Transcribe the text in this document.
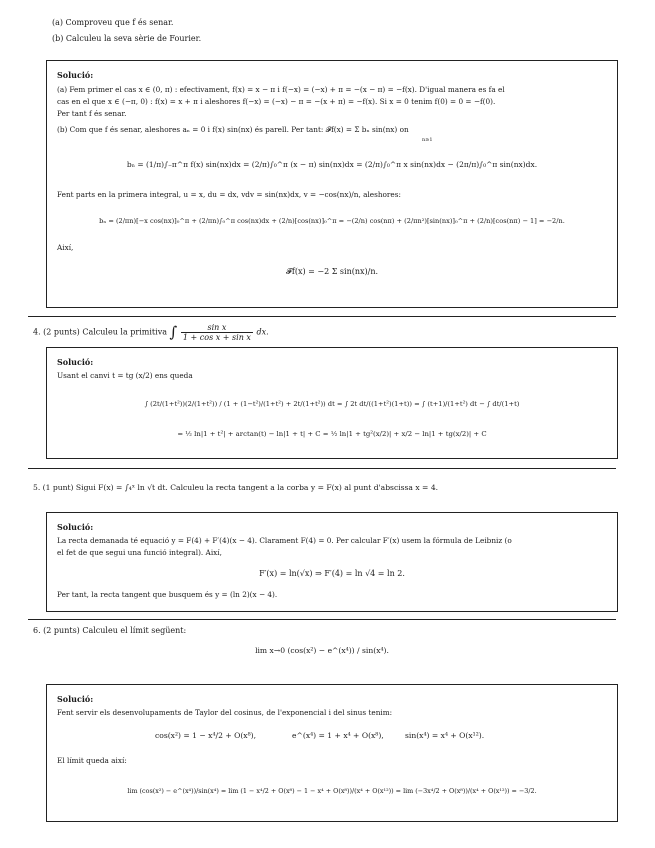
(a) Comproveu que f és senar.
(b) Calculeu la seva sèrie de Fourier.
Solució:
(a) Fem primer el cas x ∈ (0, π) : efectivament, f(x) = x − π i f(−x) = (−x) + π = −(x − π) = −f(x). D'igual manera es fa el
cas en el que x ∈ (−π, 0) : f(x) = x + π i aleshores f(−x) = (−x) − π = −(x + π) = −f(x). Si x = 0 tenim f(0) = 0 = −f(0).
Per tant f és senar.
(b) Com que f és senar, aleshores aₙ = 0 i f(x) sin(nx) és parell. Per tant: 𝓕f(x) = Σ bₙ sin(nx) on
n≥1
bₙ = (1/π)∫₋π^π f(x) sin(nx)dx = (2/π)∫₀^π (x − π) sin(nx)dx = (2/π)∫₀^π x sin(nx)dx − (2π/π)∫₀^π sin(nx)dx.
Fent parts en la primera integral, u = x, du = dx, vdv = sin(nx)dx, v = −cos(nx)/n, aleshores:
bₙ = (2/πn)[−x cos(nx)]₀^π + (2/πn)∫₀^π cos(nx)dx + (2/n)[cos(nx)]₀^π = −(2/n) cos(nπ) + (2/πn²)[sin(nx)]₀^π + (2/n)[cos(nπ) − 1] = −2/n.
Així,
𝓕f(x) = −2 Σ sin(nx)/n.
4. (2 punts) Calculeu la primitiva ∫ $\frac{\text{sin x}}{\text{1 + cos x + sin x}}$ dx.
Solució:
Usant el canvi t = tg (x/2) ens queda
∫ (2t/(1+t²))(2/(1+t²)) / (1 + (1−t²)/(1+t²) + 2t/(1+t²)) dt = ∫ 2t dt/((1+t²)(1+t)) = ∫ (t+1)/(1+t²) dt − ∫ dt/(1+t)
= ½ ln|1 + t²| + arctan(t) − ln|1 + t| + C = ½ ln|1 + tg²(x/2)| + x/2 − ln|1 + tg(x/2)| + C
5. (1 punt) Sigui F(x) = ∫₄ˣ ln √t dt. Calculeu la recta tangent a la corba y = F(x) al punt d'abscissa x = 4.
Solució:
La recta demanada té equació y = F(4) + F′(4)(x − 4). Clarament F(4) = 0. Per calcular F′(x) usem la fórmula de Leibniz (o
el fet de que segui una funció integral). Així,
F′(x) = ln(√x) ⇒ F′(4) = ln √4 = ln 2.
Per tant, la recta tangent que busquem és y = (ln 2)(x − 4).
6. (2 punts) Calculeu el límit següent:
lim x→0 (cos(x²) − e^(x⁴)) / sin(x⁴).
Solució:
Fent servir els desenvolupaments de Taylor del cosinus, de l'exponencial i del sinus tenim:
cos(x²) = 1 − x⁴/2 + O(x⁸),	e^(x⁴) = 1 + x⁴ + O(x⁸),	sin(x⁴) = x⁴ + O(x¹²).
El límit queda així:
lim (cos(x²) − e^(x⁴))/sin(x⁴) = lim (1 − x⁴/2 + O(x⁸) − 1 − x⁴ + O(x⁸))/(x⁴ + O(x¹²)) = lim (−3x⁴/2 + O(x⁸))/(x⁴ + O(x¹²)) = −3/2.
